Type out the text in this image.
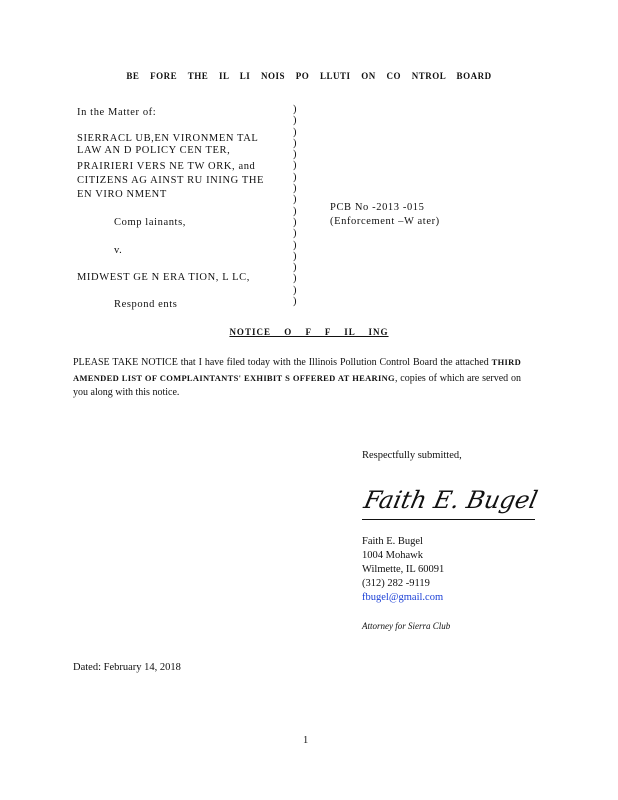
BE FORE THE IL LI NOIS PO LLUTI ON CO NTROL BOARD
In the Matter of:
SIERRACL UB,EN VIRONMEN TAL
LAW AN D POLICY CEN TER,
PRAIRIERI VERS NE TW ORK, and
CITIZENS AG AINST RU INING THE
EN VIRO NMENT
Comp lainants,
v.
MIDWEST GE N ERA TION, L LC,
Respond ents
)
)
)
)
)
)
)
)
)
)
)
)
)
)
)
)
)
)
PCB No -2013 -015
(Enforcement –W ater)
NOTICE O F F IL ING
PLEASE TAKE NOTICE that I have filed today with the Illinois Pollution Control Board the attached THIRD AMENDED LIST OF COMPLAINTANTS' EXHIBIT S OFFERED AT HEARING, copies of which are served on you along with this notice.
Respectfully submitted,
Faith E. Bugel
Faith E. Bugel
1004 Mohawk
Wilmette, IL 60091
(312) 282 -9119
fbugel@gmail.com
Attorney for Sierra Club
Dated: February 14, 2018
1
